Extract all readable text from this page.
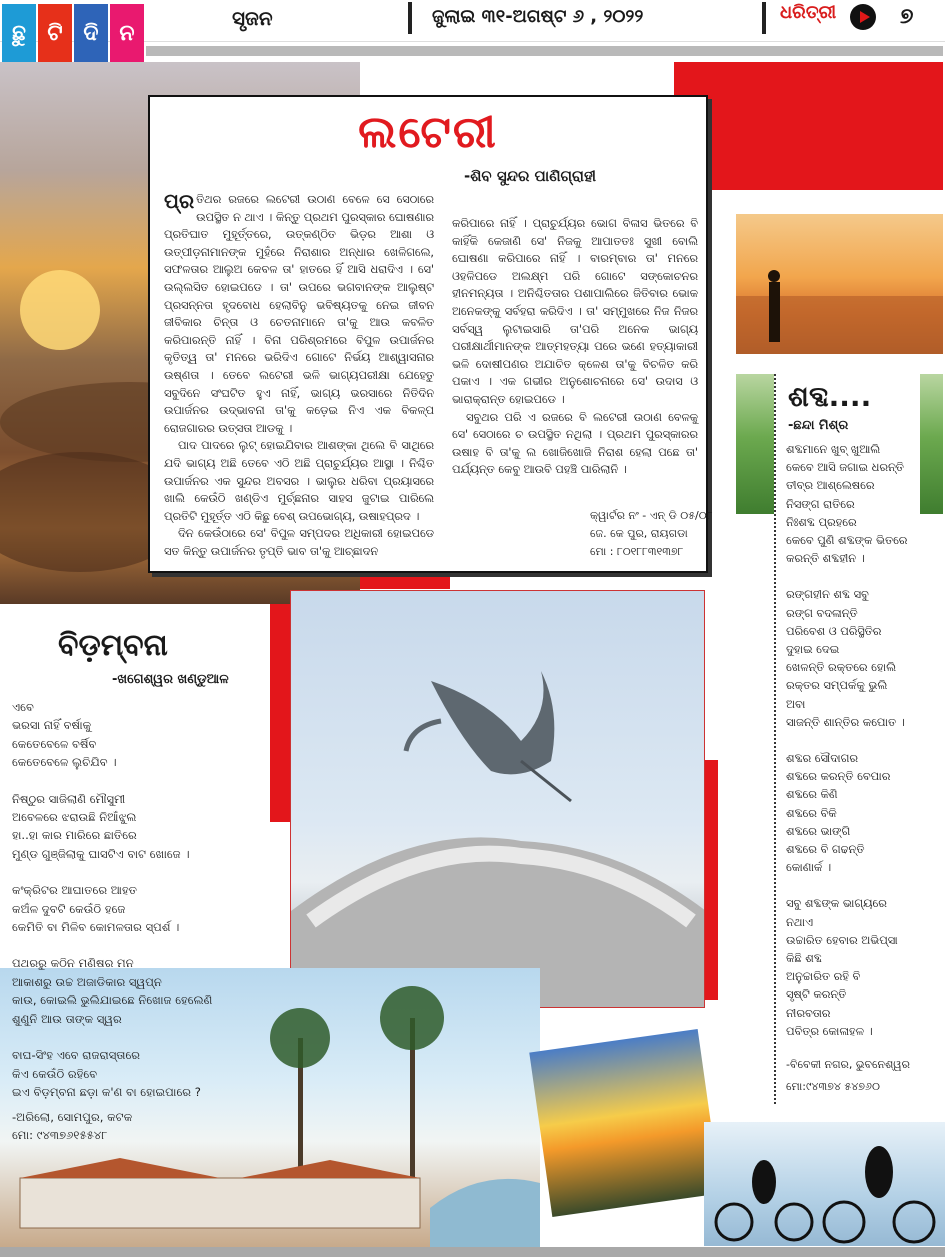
ଛୁ ଟି ଦି ନ
ସୃଜନ	ଜୁଲାଇ ୩୧-ଅଗଷ୍ଟ ୬ , ୨୦୨୨	ଧରିତ୍ରୀ	୭
ଲଟେରୀ
-ଶିବ ସୁନ୍ଦର ପାଣିଗ୍ରାହୀ

ପ୍ର ତିଥର ରଜରେ ଲଟେରୀ ଉଠାଣ ବେଳେ ସେ ସେଠାରେ ଉପସ୍ଥିତ ନ ଥାଏ । କିନ୍ତୁ ପ୍ରଥମ ପୁରସ୍କାର ଘୋଷଣାର ପ୍ରତିଘାତ ମୁହୂର୍ତ୍ତରେ, ଉତ୍କଣ୍ଠିତ ଭିଡ଼ର ଆଶା ଓ ଉତ୍ପୀଡ଼ନାମାନଙ୍କ ମୁହଁରେ ନିରାଶାର ଅନ୍ଧାର ଖେଳିଗଲେ, ସଫଳତାର ଆଲୁଅ କେବଳ ତା' ହାତରେ ହିଁ ଆସି ଧରାଦିଏ । ସେ' ଉଲ୍ଲସିତ ହୋଇପଡେ । ତା' ଉପରେ ଭଗବାନଙ୍କ ଆଲୁଷ୍ଟ ପ୍ରସନ୍ନତା ହୃଦବୋଧ ହେଲାବିନୁ ଭବିଷ୍ୟତକୁ ନେଇ ଜୀବନ ଜୀବିକାର ଚିନ୍ତା ଓ ଚେତନାମାନେ ତା'କୁ ଆଉ କବଳିତ କରିପାରନ୍ତି ନାହିଁ । ବିନା ପରିଶ୍ରମରେ ବିପୁଳ ଉପାର୍ଜନର କୃତିତ୍ୱ ତା' ମନରେ ଭରିଦିଏ ଗୋଟେ ନିର୍ଭୟ ଆଶ୍ୱାସନାର ଉଷ୍ଣତା । ତେବେ ଲଟେରୀ ଭଳି ଭାଗ୍ୟପରୀକ୍ଷା ଯେହେତୁ ସବୁଦିନେ ସଂଘଟିତ ହୁଏ ନାହିଁ, ଭାଗ୍ୟ ଭରସାରେ ନିତିଦିନ ଉପାର୍ଜନର ଉଦ୍ଭାବନା ତା'କୁ କଡ଼େଇ ନିଏ ଏକ ବିକଳ୍ପ ରୋଜଗାରର ଉତ୍ସତା ଆଡକୁ ।

ପାଦ ପାଦରେ ଲୁଟ୍ ହୋଇଯିବାର ଆଶଙ୍କା ଥିଲେ ବି ସାଥିରେ ଯଦି ଭାଗ୍ୟ ଅଛି ତେବେ ଏଠି ଅଛି ପ୍ରାଚୁର୍ଯ୍ୟର ଆସ୍ଥା । ନିଶ୍ଚିତ ଉପାର୍ଜନର ଏକ ସୁନ୍ଦର ଅବସର । ଭାଲୁର ଧରିବା ପ୍ରୟାସରେ ଖାଲି କେଉଁଠି ଖଣ୍ଡିଏ ମୁର୍ଚ୍ଛନାର ସାହସ ଜୁଟାଇ ପାରିଲେ ପ୍ରତିଟି ମୁହୂର୍ତ୍ତ ଏଠି କିଛୁ ବେଶ୍ ଉପଭୋଗ୍ୟ, ଉଷାହପ୍ରଦ ।

ଦିନ କେଉଁଠାରେ ସେ' ବିପୁଳ ସମ୍ପଦର ଅଧିକାରୀ ହୋଇପଡେ ସତ କିନ୍ତୁ ଉପାର୍ଜନର ତୃପ୍ତି ଭାବ ତା'କୁ ଆଚ୍ଛାଦନ

କରିପାରେ ନାହିଁ । ପ୍ରାଚୁର୍ଯ୍ୟର ଭୋଗ ବିଳାସ ଭିତରେ ବି କାହିଁକି କେଜାଣି ସେ' ନିଜକୁ ଆପାତତଃ ସୁଖୀ ବୋଲି ଘୋଷଣା କରିପାରେ ନାହିଁ । ବାରମ୍ବାର ତା' ମନରେ ଓହଳିପଡେ ଅଲକ୍ଷ୍ମ ପରି ଗୋଟେ ସଙ୍କୋଚନର ହୀନମନ୍ୟତା । ଅନିଶ୍ଚିତତାର ପଶାପାଲିରେ ଜିତିବାର ଭୋକ ଅନେକଙ୍କୁ ସର୍ବହରା କରିଦିଏ । ତା' ସମ୍ମୁଖରେ ନିଜ ନିଜର ସର୍ବସ୍ୱ ଲୁଟାଇସାରି ତା'ପରି ଅନେକ ଭାଗ୍ୟ ପରୀକ୍ଷାର୍ଥୀମାନଙ୍କ ଆତ୍ମହତ୍ୟା ପରେ ଭଣେ ହତ୍ୟାକାରୀ ଭଳି ଦୋଷୀପଣର ଅଯାଚିତ କ୍ଳେଶ ତା'କୁ ବିଚଳିତ କରି ପକାଏ । ଏକ ଗଭୀର ଅନୁଶୋଚନାରେ ସେ' ଉଦାସ ଓ ଭାରାକ୍ରାନ୍ତ ହୋଇପଡେ ।

ସବୁଥର ପରି ଏ ରଜରେ ବି ଲଟେରୀ ଉଠାଣ ବେଳକୁ ସେ' ସେଠାରେ ଚ ଉପସ୍ଥିତ ନଥିଲା । ପ୍ରଥମ ପୁରସ୍କାରର ଉଷାହ ବି ତା'କୁ ଲ ଖୋଜିଖୋଜି ନିରାଶ ହେଲା ପଛେ ତା' ପର୍ଯ୍ୟନ୍ତ କେବୁ ଆଉବି ପହଞ୍ଚି ପାରିଲାନି ।

କ୍ୱାର୍ଟର ନଂ - ଏନ୍ ଡି ୦୫/୦୮
ଜେ. କେ ପୁର, ରାୟଗଡା
ମୋ : ୮୦୧୮୮୩୧୩୭୮
ବିଡ଼ମ୍ବନା
-ଖଗେଶ୍ୱର ଖଣ୍ଡୁଆଳ
ଏବେ
ଭରସା ନାହିଁ ବର୍ଷାକୁ
କେତେବେଳେ ବର୍ଷିବ
କେତେବେଳେ ଲୁଚିଯିବ ।
ନିଷ୍ଠୁର ସାଜିଲାଣି ମୌସୁମୀ
ଅବେଳରେ ଝରାଉଛି ନିଆଁଝୁଲ
ହା..ହା କାର ମାରିରେ ଛାତିରେ
ମୁଣ୍ଡ ଗୁଞ୍ଜିଲାକୁ ଘାସଟିଏ ବାଟ ଖୋଜେ ।
କଂକ୍ରିଟର ଆଘାତରେ ଆହତ
କଅଁଳ ଦୁବଟି କେଉଁଠି ହଜେ
କେମିତି ବା ମିଳିବ କୋମଳତାର ସ୍ପର୍ଶ ।
ପଥରରୁ କଠିନ ମଣିଷର ମନ
ଆକାଶରୁ ଉଚ୍ଚ ଅଜାଡିକାର ସ୍ୱପ୍ନ
କାଉ, କୋଇଲି ଭୁଲିଯାଇଛେ ନିଖୋଜ ହେଲେଣି
ଶୁଣୁନି ଆଉ ତାଙ୍କ ସ୍ୱର
ବାଘ-ସିଂହ ଏବେ ରାଜରାସ୍ତାରେ
କିଏ କେଉଁଠି ରହିବେ
ଇଏ ବିଡ଼ମ୍ବନା ଛଡ଼ା କ'ଣ ବା ହୋଇପାରେ ?
-ଅରିଲୋ, ସୋମପୁର, କଟକ
ମୋ: ୯୪୩୭୬୧୫୫୪୮
ଶବ୍ଦ....
-ଛନ୍ଦା ମିଶ୍ର
ଶବ୍ଦମାନେ ଖୁବ୍ ଖୁଆଲି
କେବେ ଆସି ଜଗାଇ ଧରନ୍ତି
ତୀବ୍ର ଆଶ୍ଲେଷରେ
ନିସଙ୍ଗ ରାତିରେ
ନିଃଶବ୍ଦ ପ୍ରହରେ
କେବେ ପୁଣି ଶବ୍ଦଙ୍କ ଭିତରେ
କରନ୍ତି ଶବ୍ଦହୀନ ।
ରଙ୍ଗହୀନ ଶବ୍ଦ ସବୁ
ରଙ୍ଗ ବଦଳାନ୍ତି
ପରିବେଶ ଓ ପରିସ୍ଥିତିର
ଦୁହାଇ ଦେଇ
ଖେଳନ୍ତି ରକ୍ତରେ ହୋଲି
ରକ୍ତର ସମ୍ପର୍କକୁ ଭୁଲି
ଅବା
ସାଜନ୍ତି ଶାନ୍ତିର କପୋତ ।
ଶବ୍ଦର ସୌଦାଗର
ଶବ୍ଦରେ କରନ୍ତି ବେପାର
ଶବ୍ଦରେ କିଣି
ଶବ୍ଦରେ ବିକି
ଶବ୍ଦରେ ଭାଙ୍ଗି
ଶବ୍ଦରେ ବି ଗଢନ୍ତି
କୋଣାର୍କ ।
ସବୁ ଶବ୍ଦଙ୍କ ଭାଗ୍ୟରେ
ନଥାଏ
ଉଚ୍ଚାରିତ ହେବାର ଅଭିପ୍ସା
କିଛି ଶବ୍ଦ
ଅନୁଚ୍ଚାରିତ ରହି ବି
ସୃଷ୍ଟି କରନ୍ତି
ନୀରବତାର
ପବିତ୍ର କୋଳାହଳ ।
-ବିବେକୀ ନଗର, ଭୁବନେଶ୍ୱର
ମୋ:୯୪୩୭୪ ୫୪୭୬୦
